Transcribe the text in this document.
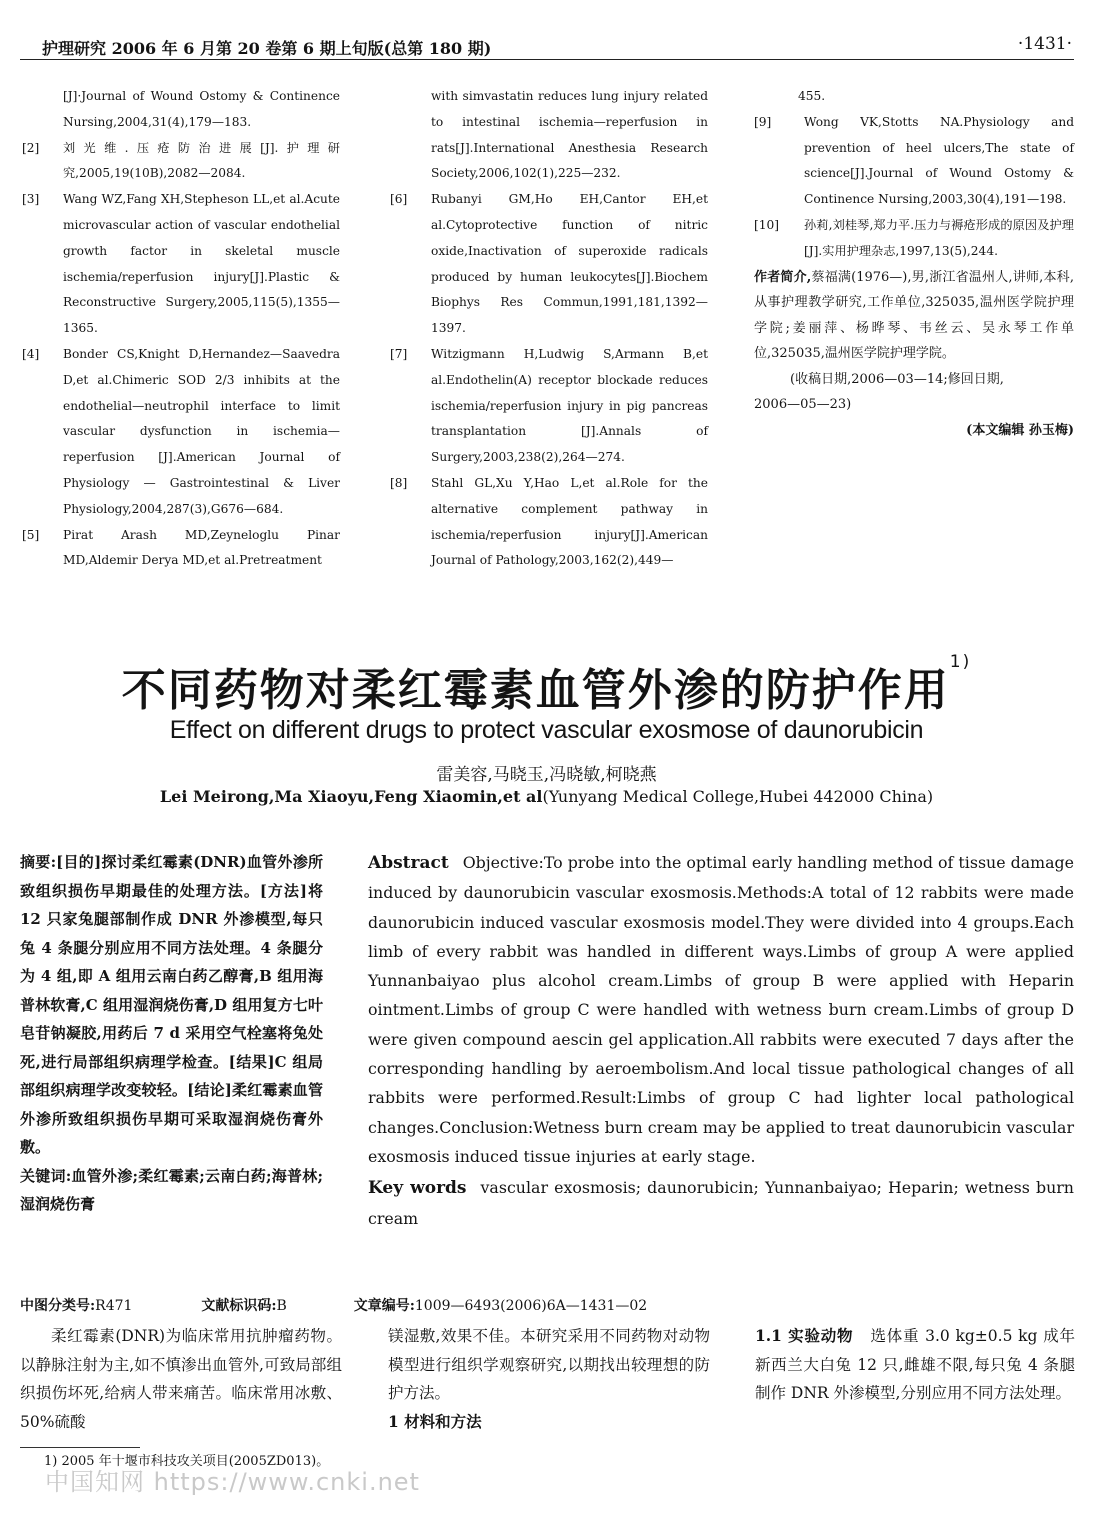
护理研究 2006 年 6 月第 20 卷第 6 期上旬版(总第 180 期)	·1431·
[J]·Journal of Wound Ostomy & Continence Nursing,2004,31(4),179—183.
[2] 刘光维.压疮防治进展[J].护理研究,2005,19(10B),2082—2084.
[3] Wang WZ,Fang XH,Stepheson LL,et al.Acute microvascular action of vascular endothelial growth factor in skeletal muscle ischemia/reperfusion injury[J].Plastic & Reconstructive Surgery,2005,115(5),1355—1365.
[4] Bonder CS,Knight D,Hernandez—Saavedra D,et al.Chimeric SOD 2/3 inhibits at the endothelial—neutrophil interface to limit vascular dysfunction in ischemia—reperfusion [J].American Journal of Physiology — Gastrointestinal & Liver Physiology,2004,287(3),G676—684.
[5] Pirat Arash MD,Zeyneloglu Pinar MD,Aldemir Derya MD,et al.Pretreatment
with simvastatin reduces lung injury related to intestinal ischemia—reperfusion in rats[J].International Anesthesia Research Society,2006,102(1),225—232.
[6] Rubanyi GM,Ho EH,Cantor EH,et al.Cytoprotective function of nitric oxide,Inactivation of superoxide radicals produced by human leukocytes[J].Biochem Biophys Res Commun,1991,181,1392—1397.
[7] Witzigmann H,Ludwig S,Armann B,et al.Endothelin(A) receptor blockade reduces ischemia/reperfusion injury in pig pancreas transplantation [J].Annals of Surgery,2003,238(2),264—274.
[8] Stahl GL,Xu Y,Hao L,et al.Role for the alternative complement pathway in ischemia/reperfusion injury[J].American Journal of Pathology,2003,162(2),449—
455.
[9]	Wong VK,Stotts NA.Physiology and prevention of heel ulcers,The state of science[J].Journal of Wound Ostomy & Continence Nursing,2003,30(4),191—198.
[10] 孙莉,刘桂琴,郑力平.压力与褥疮形成的原因及护理[J].实用护理杂志,1997,13(5),244.

作者简介,蔡福满(1976—),男,浙江省温州人,讲师,本科,从事护理教学研究,工作单位,325035,温州医学院护理学院;姜丽萍、杨晔琴、韦丝云、吴永琴工作单位,325035,温州医学院护理学院。

(收稿日期,2006—03—14;修回日期,

2006—05—23)

(本文编辑 孙玉梅)

不同药物对柔红霉素血管外渗的防护作用$^{1)}$
Effect on different drugs to protect vascular exosmose of daunorubicin
雷美容,马晓玉,冯晓敏,柯晓燕
Lei Meirong,Ma Xiaoyu,Feng Xiaomin,et al(Yunyang Medical College,Hubei 442000 China)
摘要:[目的]探讨柔红霉素(DNR)血管外渗所致组织损伤早期最佳的处理方法。[方法]将 12 只家兔腿部制作成 DNR 外渗模型,每只兔 4 条腿分别应用不同方法处理。4 条腿分为 4 组,即 A 组用云南白药乙醇膏,B 组用海普林软膏,C 组用湿润烧伤膏,D 组用复方七叶皂苷钠凝胶,用药后 7 d 采用空气栓塞将兔处死,进行局部组织病理学检查。[结果]C 组局部组织病理学改变较轻。[结论]柔红霉素血管外渗所致组织损伤早期可采取湿润烧伤膏外敷。
关键词:血管外渗;柔红霉素;云南白药;海普林;湿润烧伤膏

Abstract Objective:To probe into the optimal early handling method of tissue damage induced by daunorubicin vascular exosmosis.Methods:A total of 12 rabbits were made daunorubicin induced vascular exosmosis model.They were divided into 4 groups.Each limb of every rabbit was handled in different ways.Limbs of group A were applied Yunnanbaiyao plus alcohol cream.Limbs of group B were applied with Heparin ointment.Limbs of group C were handled with wetness burn cream.Limbs of group D were given compound aescin gel application.All rabbits were executed 7 days after the corresponding handling by aeroembolism.And local tissue pathological changes of all rabbits were performed.Result:Limbs of group C had lighter local pathological changes.Conclusion:Wetness burn cream may be applied to treat daunorubicin vascular exosmosis induced tissue injuries at early stage.

Key words vascular exosmosis; daunorubicin; Yunnanbaiyao; Heparin; wetness burn cream

中图分类号:R471	文献标识码:B	文章编号:1009—6493(2006)6A—1431—02

柔红霉素(DNR)为临床常用抗肿瘤药物。以静脉注射为主,如不慎渗出血管外,可致局部组织损伤坏死,给病人带来痛苦。临床常用冰敷、50%硫酸

镁湿敷,效果不佳。本研究采用不同药物对动物模型进行组织学观察研究,以期找出较理想的防护方法。

1 材料和方法

1.1 实验动物 选体重 3.0 kg±0.5 kg 成年新西兰大白兔 12 只,雌雄不限,每只兔 4 条腿制作 DNR 外渗模型,分别应用不同方法处理。

1) 2005 年十堰市科技攻关项目(2005ZD013)。
中国知网 https://www.cnki.net
